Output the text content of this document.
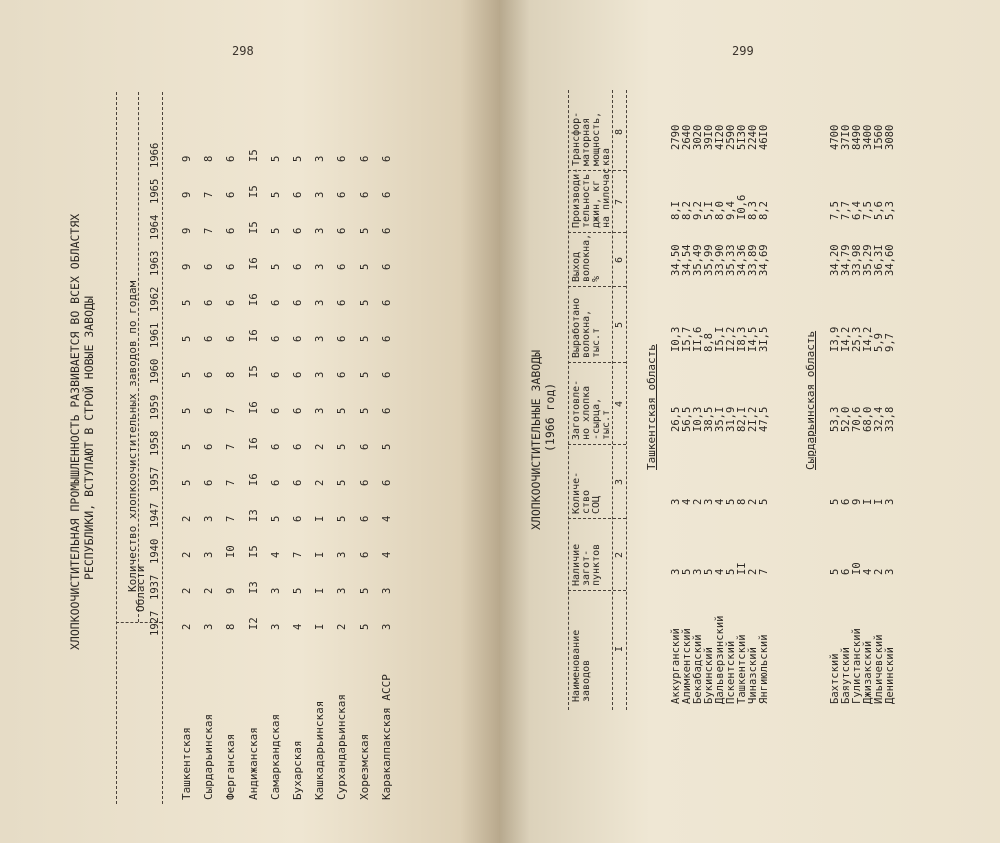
298
ХЛОПКООЧИСТИТЕЛЬНАЯ ПРОМЫШЛЕННОСТЬ РАЗВИВАЕТСЯ ВО ВСЕХ ОБЛАСТЯХ РЕСПУБЛИКИ, ВСТУПАЮТ В СТРОЙ НОВЫЕ ЗАВОДЫ
Области
Количество хлопкоочистительных заводов по годам
1927
1937
1940
1947
1957
1958
1959
1960
1961
1962
1963
1964
1965
1966
Ташкентская
2
2
2
2
5
5
5
5
5
5
9
9
9
9
Сырдарьинская
3
2
3
3
6
6
6
6
6
6
6
7
7
8
Ферганская
8
9
I0
7
7
7
7
8
6
6
6
6
6
6
Андижанская
I2
I3
I5
I3
I6
I6
I6
I5
I6
I6
I6
I5
I5
I5
Самаркандская
3
3
4
5
6
6
6
6
6
6
5
5
5
5
Бухарская
4
5
7
6
6
6
6
6
6
6
6
6
6
5
Кашкадарьинская
I
I
I
I
2
2
3
3
3
3
3
3
3
3
Сурхандарьинская
2
3
3
5
5
5
5
6
6
6
6
6
6
6
Хорезмская
5
5
6
6
6
6
5
5
5
5
5
5
6
6
Каракалпакская АССР
3
3
4
4
6
5
6
6
6
6
6
6
6
6
299
ХЛОПКООЧИСТИТЕЛЬНЫЕ ЗАВОДЫ (1966 год)
Наименование заводов
Наличие загот- пунктов
Количе- ство СОЦ
Заготовле- но хлопка -сырца, тыс.т
Выработано волокна, тыс.т
Выход волокна, %
Производи- тельность джин, кг на пилочас
Трансфор- маторная мощность, ква
I
2
3
4
5
6
7
8
Ташкентская область
Аккурганский
3
3
26,5
I0,3
34,50
8,I
2790
Алимкентский
5
4
56,5
I5,7
34,54
8,2
2640
Бекабадский
3
2
I0,3
II,6
35,49
9,2
3020
Букинский
5
3
38,5
8,8
35,99
5,I
39I0
Дальверзинский
4
4
35,I
I5,I
33,90
8,0
4I20
Пскентский
5
5
31,9
I2,2
35,33
9,4
2590
Ташкентский
II
8
82,I
I8,3
34,36
I0,6
5I30
Чиназский
2
2
2I,2
I4,5
33,89
8,3
2240
Янгиюльский
7
5
47,5
3I,5
34,69
8,2
46I0
Сырдарьинская область
Бахтский
5
5
53,3
I3,9
34,20
7,5
4700
Баяутский
6
6
52,0
I4,2
34,79
7,7
37I0
Гулистанский
I0
9
70,6
25,3
33,98
6,4
8490
Джизакский
4
I
68,0
I4,2
35,29
7,5
3400
Ильичевский
2
I
32,4
5,9
36,3I
5,6
I560
Денинский
3
3
33,8
9,7
34,60
5,3
3080
